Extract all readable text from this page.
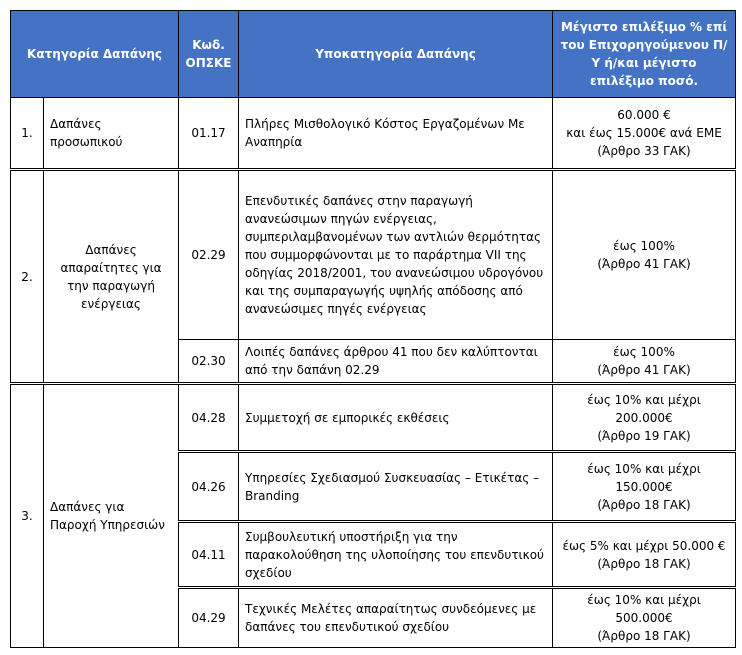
Κατηγορία Δαπάνης		Κωδ. ΟΠΣΚΕ	Υποκατηγορία Δαπάνης	Μέγιστο επιλέξιμο % επί του Επιχορηγούμενου Π/Υ ή/και μέγιστο επιλέξιμο ποσό.
1.	Δαπάνες προσωπικού	01.17	Πλήρες Μισθολογικό Κόστος Εργαζομένων Με Αναπηρία	60.000 €
και έως 15.000€ ανά ΕΜΕ
(Άρθρο 33 ΓΑΚ)

2.	Δαπάνες απαραίτητες για την παραγωγή ενέργειας	02.29	Επενδυτικές δαπάνες στην παραγωγή ανανεώσιμων πηγών ενέργειας, συμπεριλαμβανομένων των αντλιών θερμότητας που συμμορφώνονται με το παράρτημα VII της οδηγίας 2018/2001, του ανανεώσιμου υδρογόνου και της συμπαραγωγής υψηλής απόδοσης από ανανεώσιμες πηγές ενέργειας	έως 100%
(Άρθρο 41 ΓΑΚ)

		02.30	Λοιπές δαπάνες άρθρου 41 που δεν καλύπτονται από την δαπάνη 02.29	έως 100%
(Άρθρο 41 ΓΑΚ)

3.	Δαπάνες για Παροχή Υπηρεσιών	04.28	Συμμετοχή σε εμπορικές εκθέσεις	έως 10% και μέχρι
200.000€
(Άρθρο 19 ΓΑΚ)

		04.26	Υπηρεσίες Σχεδιασμού Συσκευασίας – Ετικέτας – Branding	έως 10% και μέχρι
150.000€
(Άρθρο 18 ΓΑΚ)

		04.11	Συμβουλευτική υποστήριξη για την παρακολούθηση της υλοποίησης του επενδυτικού σχεδίου	έως 5% και μέχρι 50.000 €
(Άρθρο 18 ΓΑΚ)

		04.29	Τεχνικές Μελέτες απαραίτητως συνδεόμενες με δαπάνες του επενδυτικού σχεδίου	έως 10% και μέχρι
500.000€
(Άρθρο 18 ΓΑΚ)
